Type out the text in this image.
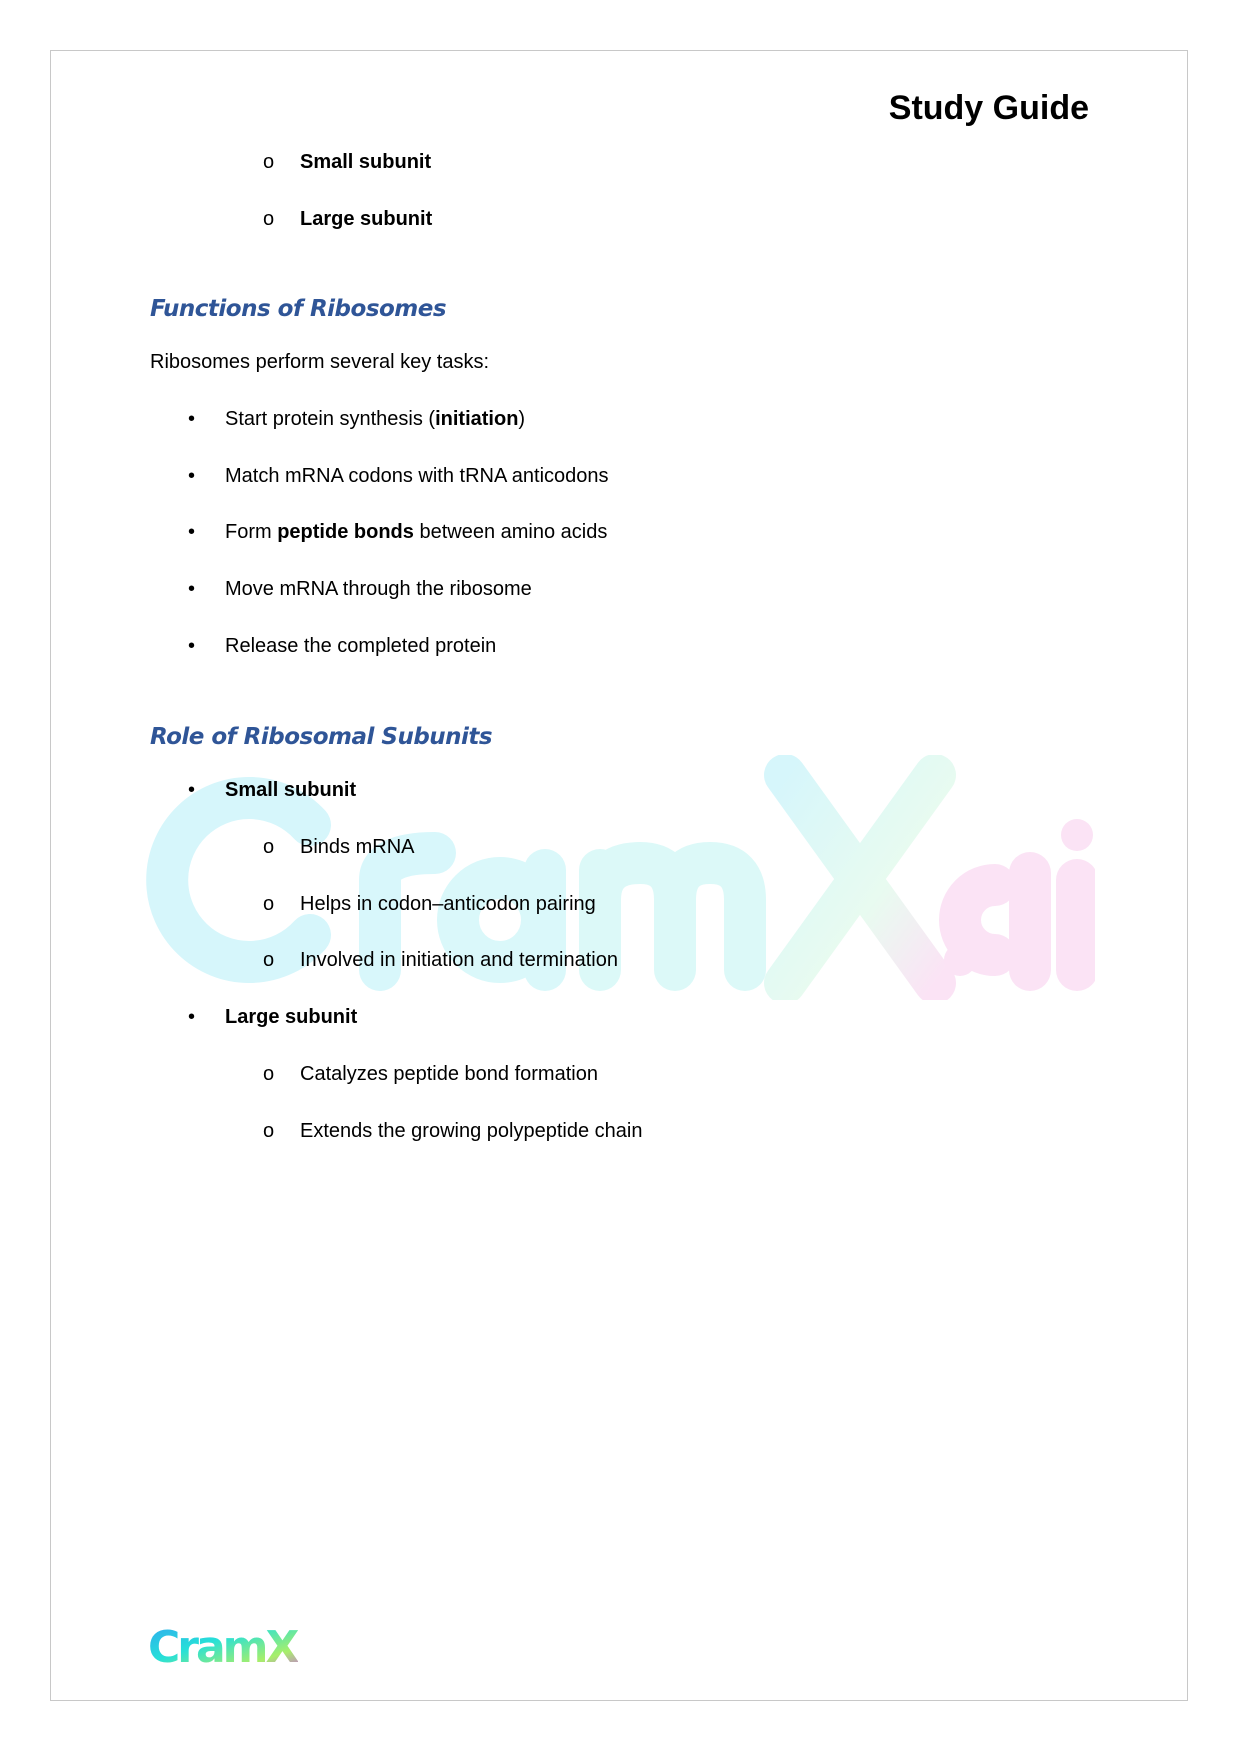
Study Guide
o Small subunit
o Large subunit
Functions of Ribosomes
Ribosomes perform several key tasks:
• Start protein synthesis (initiation)
• Match mRNA codons with tRNA anticodons
• Form peptide bonds between amino acids
• Move mRNA through the ribosome
• Release the completed protein
Role of Ribosomal Subunits
• Small subunit
o Binds mRNA
o Helps in codon–anticodon pairing
o Involved in initiation and termination
• Large subunit
o Catalyzes peptide bond formation
o Extends the growing polypeptide chain
CramX
